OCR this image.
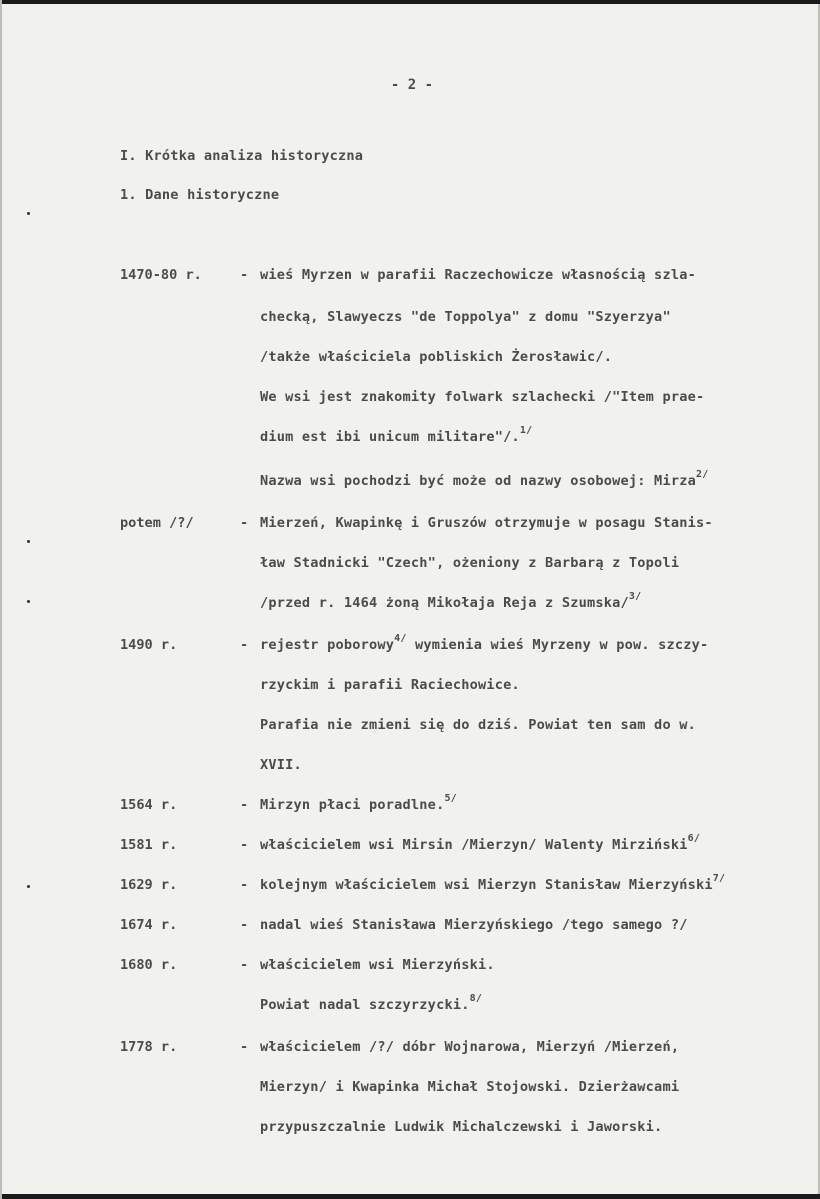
- 2 -
I. Krótka analiza historyczna
1. Dane historyczne
1470-80 r.	- wieś Myrzen w parafii Raczechowicze własnością szla-
checką, Slawyeczs "de Toppolya" z domu "Szyerzya"
/także właściciela pobliskich Żerosławic/.
We wsi jest znakomity folwark szlachecki /"Item prae-
dium est ibi unicum militare"/.$^{1/}$
Nazwa wsi pochodzi być może od nazwy osobowej: Mirza$^{2/}$
potem /?/	- Mierzeń, Kwapinkę i Gruszów otrzymuje w posagu Stanis-
ław Stadnicki "Czech", ożeniony z Barbarą z Topoli
/przed r. 1464 żoną Mikołaja Reja z Szumska/$^{3/}$
1490 r.	- rejestr poborowy$^{4/}$ wymienia wieś Myrzeny w pow. szczy-
rzyckim i parafii Raciechowice.
Parafia nie zmieni się do dziś. Powiat ten sam do w.
XVII.
1564 r.	- Mirzyn płaci poradlne.$^{5/}$
1581 r.	- właścicielem wsi Mirsin /Mierzyn/ Walenty Mirziński$^{6/}$
1629 r.	- kolejnym właścicielem wsi Mierzyn Stanisław Mierzyński$^{7/}$
1674 r.	- nadal wieś Stanisława Mierzyńskiego /tego samego ?/
1680 r.	- właścicielem wsi Mierzyński.
Powiat nadal szczyrzycki.$^{8/}$
1778 r.	- właścicielem /?/ dóbr Wojnarowa, Mierzyń /Mierzeń,
Mierzyn/ i Kwapinka Michał Stojowski. Dzierżawcami
przypuszczalnie Ludwik Michalczewski i Jaworski.
